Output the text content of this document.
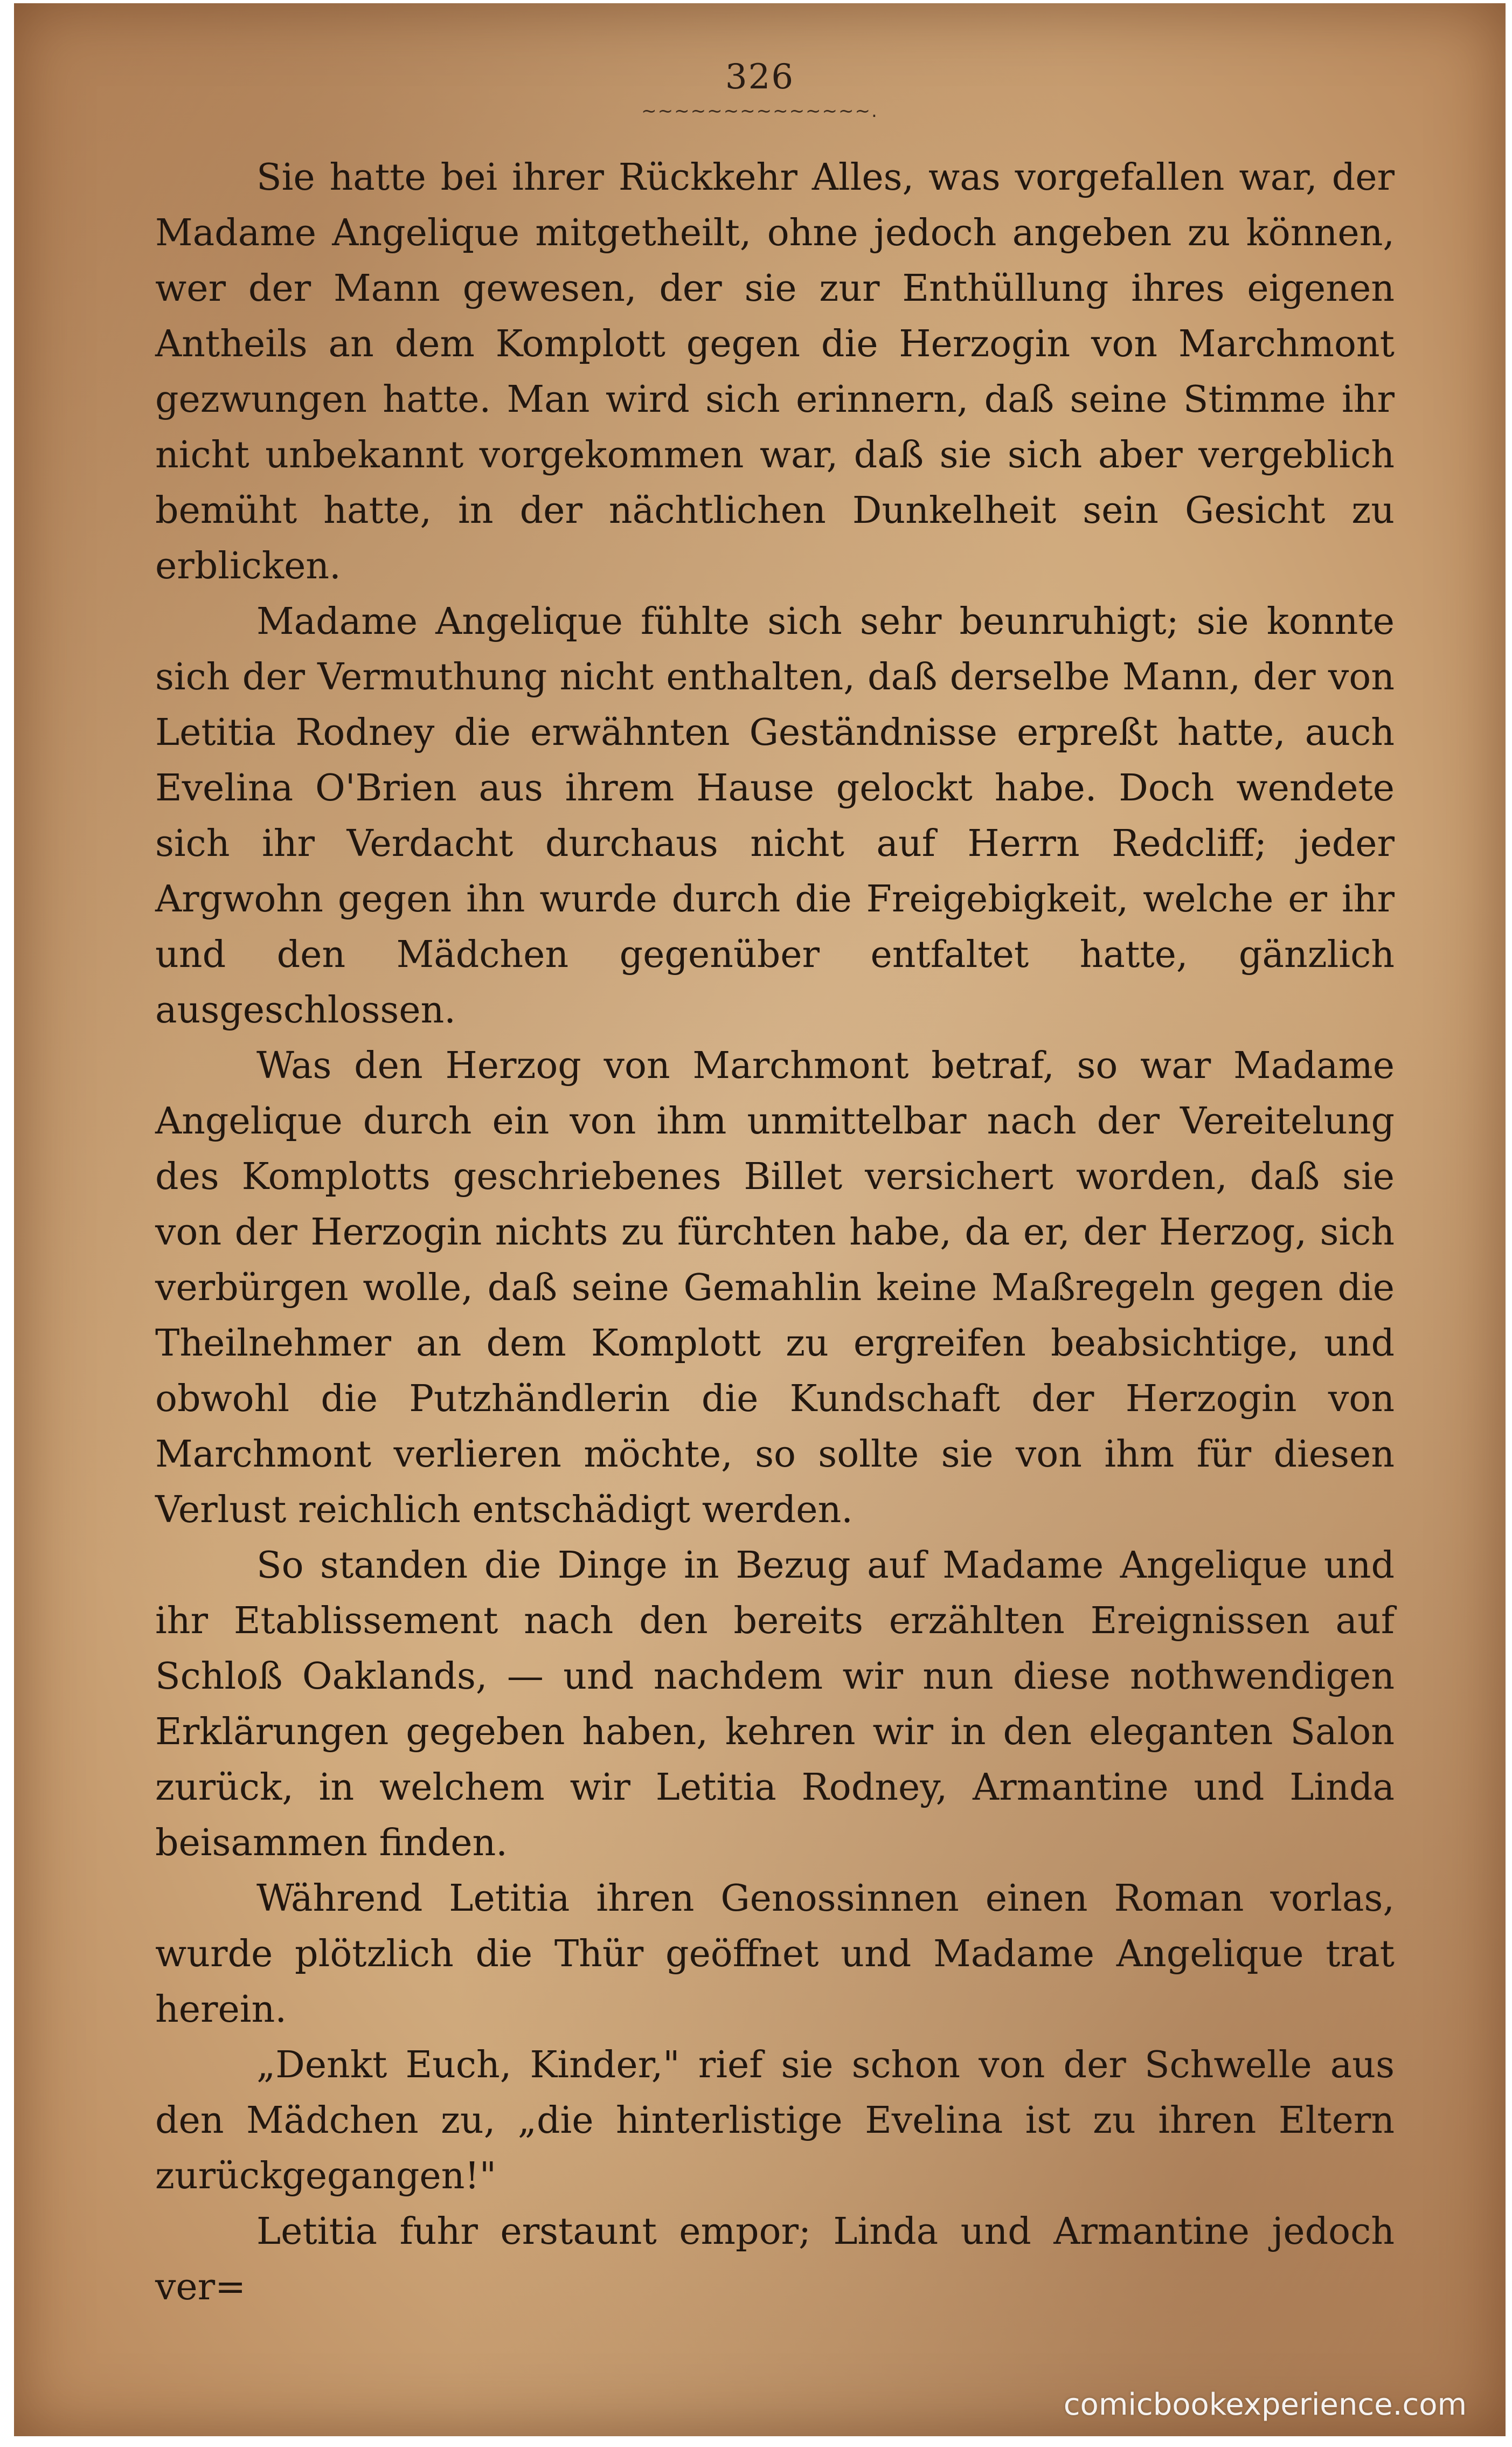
326
~~~~~~~~~~~~~~.

Sie hatte bei ihrer Rückkehr Alles, was vorgefallen war, der Madame Angelique mitgetheilt, ohne jedoch angeben zu können, wer der Mann gewesen, der sie zur Enthüllung ihres eigenen Antheils an dem Komplott gegen die Herzogin von Marchmont gezwungen hatte. Man wird sich erinnern, daß seine Stimme ihr nicht unbekannt vorgekommen war, daß sie sich aber vergeblich bemüht hatte, in der nächtlichen Dunkelheit sein Gesicht zu erblicken.

Madame Angelique fühlte sich sehr beunruhigt; sie konnte sich der Vermuthung nicht enthalten, daß derselbe Mann, der von Letitia Rodney die erwähnten Geständnisse erpreßt hatte, auch Evelina O'Brien aus ihrem Hause gelockt habe. Doch wendete sich ihr Verdacht durchaus nicht auf Herrn Redcliff; jeder Argwohn gegen ihn wurde durch die Freigebigkeit, welche er ihr und den Mädchen gegenüber entfaltet hatte, gänzlich ausgeschlossen.

Was den Herzog von Marchmont betraf, so war Madame Angelique durch ein von ihm unmittelbar nach der Vereitelung des Komplotts geschriebenes Billet versichert worden, daß sie von der Herzogin nichts zu fürchten habe, da er, der Herzog, sich verbürgen wolle, daß seine Gemahlin keine Maßregeln gegen die Theilnehmer an dem Komplott zu ergreifen beabsichtige, und obwohl die Putzhändlerin die Kundschaft der Herzogin von Marchmont verlieren möchte, so sollte sie von ihm für diesen Verlust reichlich entschädigt werden.

So standen die Dinge in Bezug auf Madame Angelique und ihr Etablissement nach den bereits erzählten Ereignissen auf Schloß Oaklands, — und nachdem wir nun diese nothwendigen Erklärungen gegeben haben, kehren wir in den eleganten Salon zurück, in welchem wir Letitia Rodney, Armantine und Linda beisammen finden.

Während Letitia ihren Genossinnen einen Roman vorlas, wurde plötzlich die Thür geöffnet und Madame Angelique trat herein.

„Denkt Euch, Kinder," rief sie schon von der Schwelle aus den Mädchen zu, „die hinterlistige Evelina ist zu ihren Eltern zurückgegangen!"

Letitia fuhr erstaunt empor; Linda und Armantine jedoch ver=

comicbookexperience.com
